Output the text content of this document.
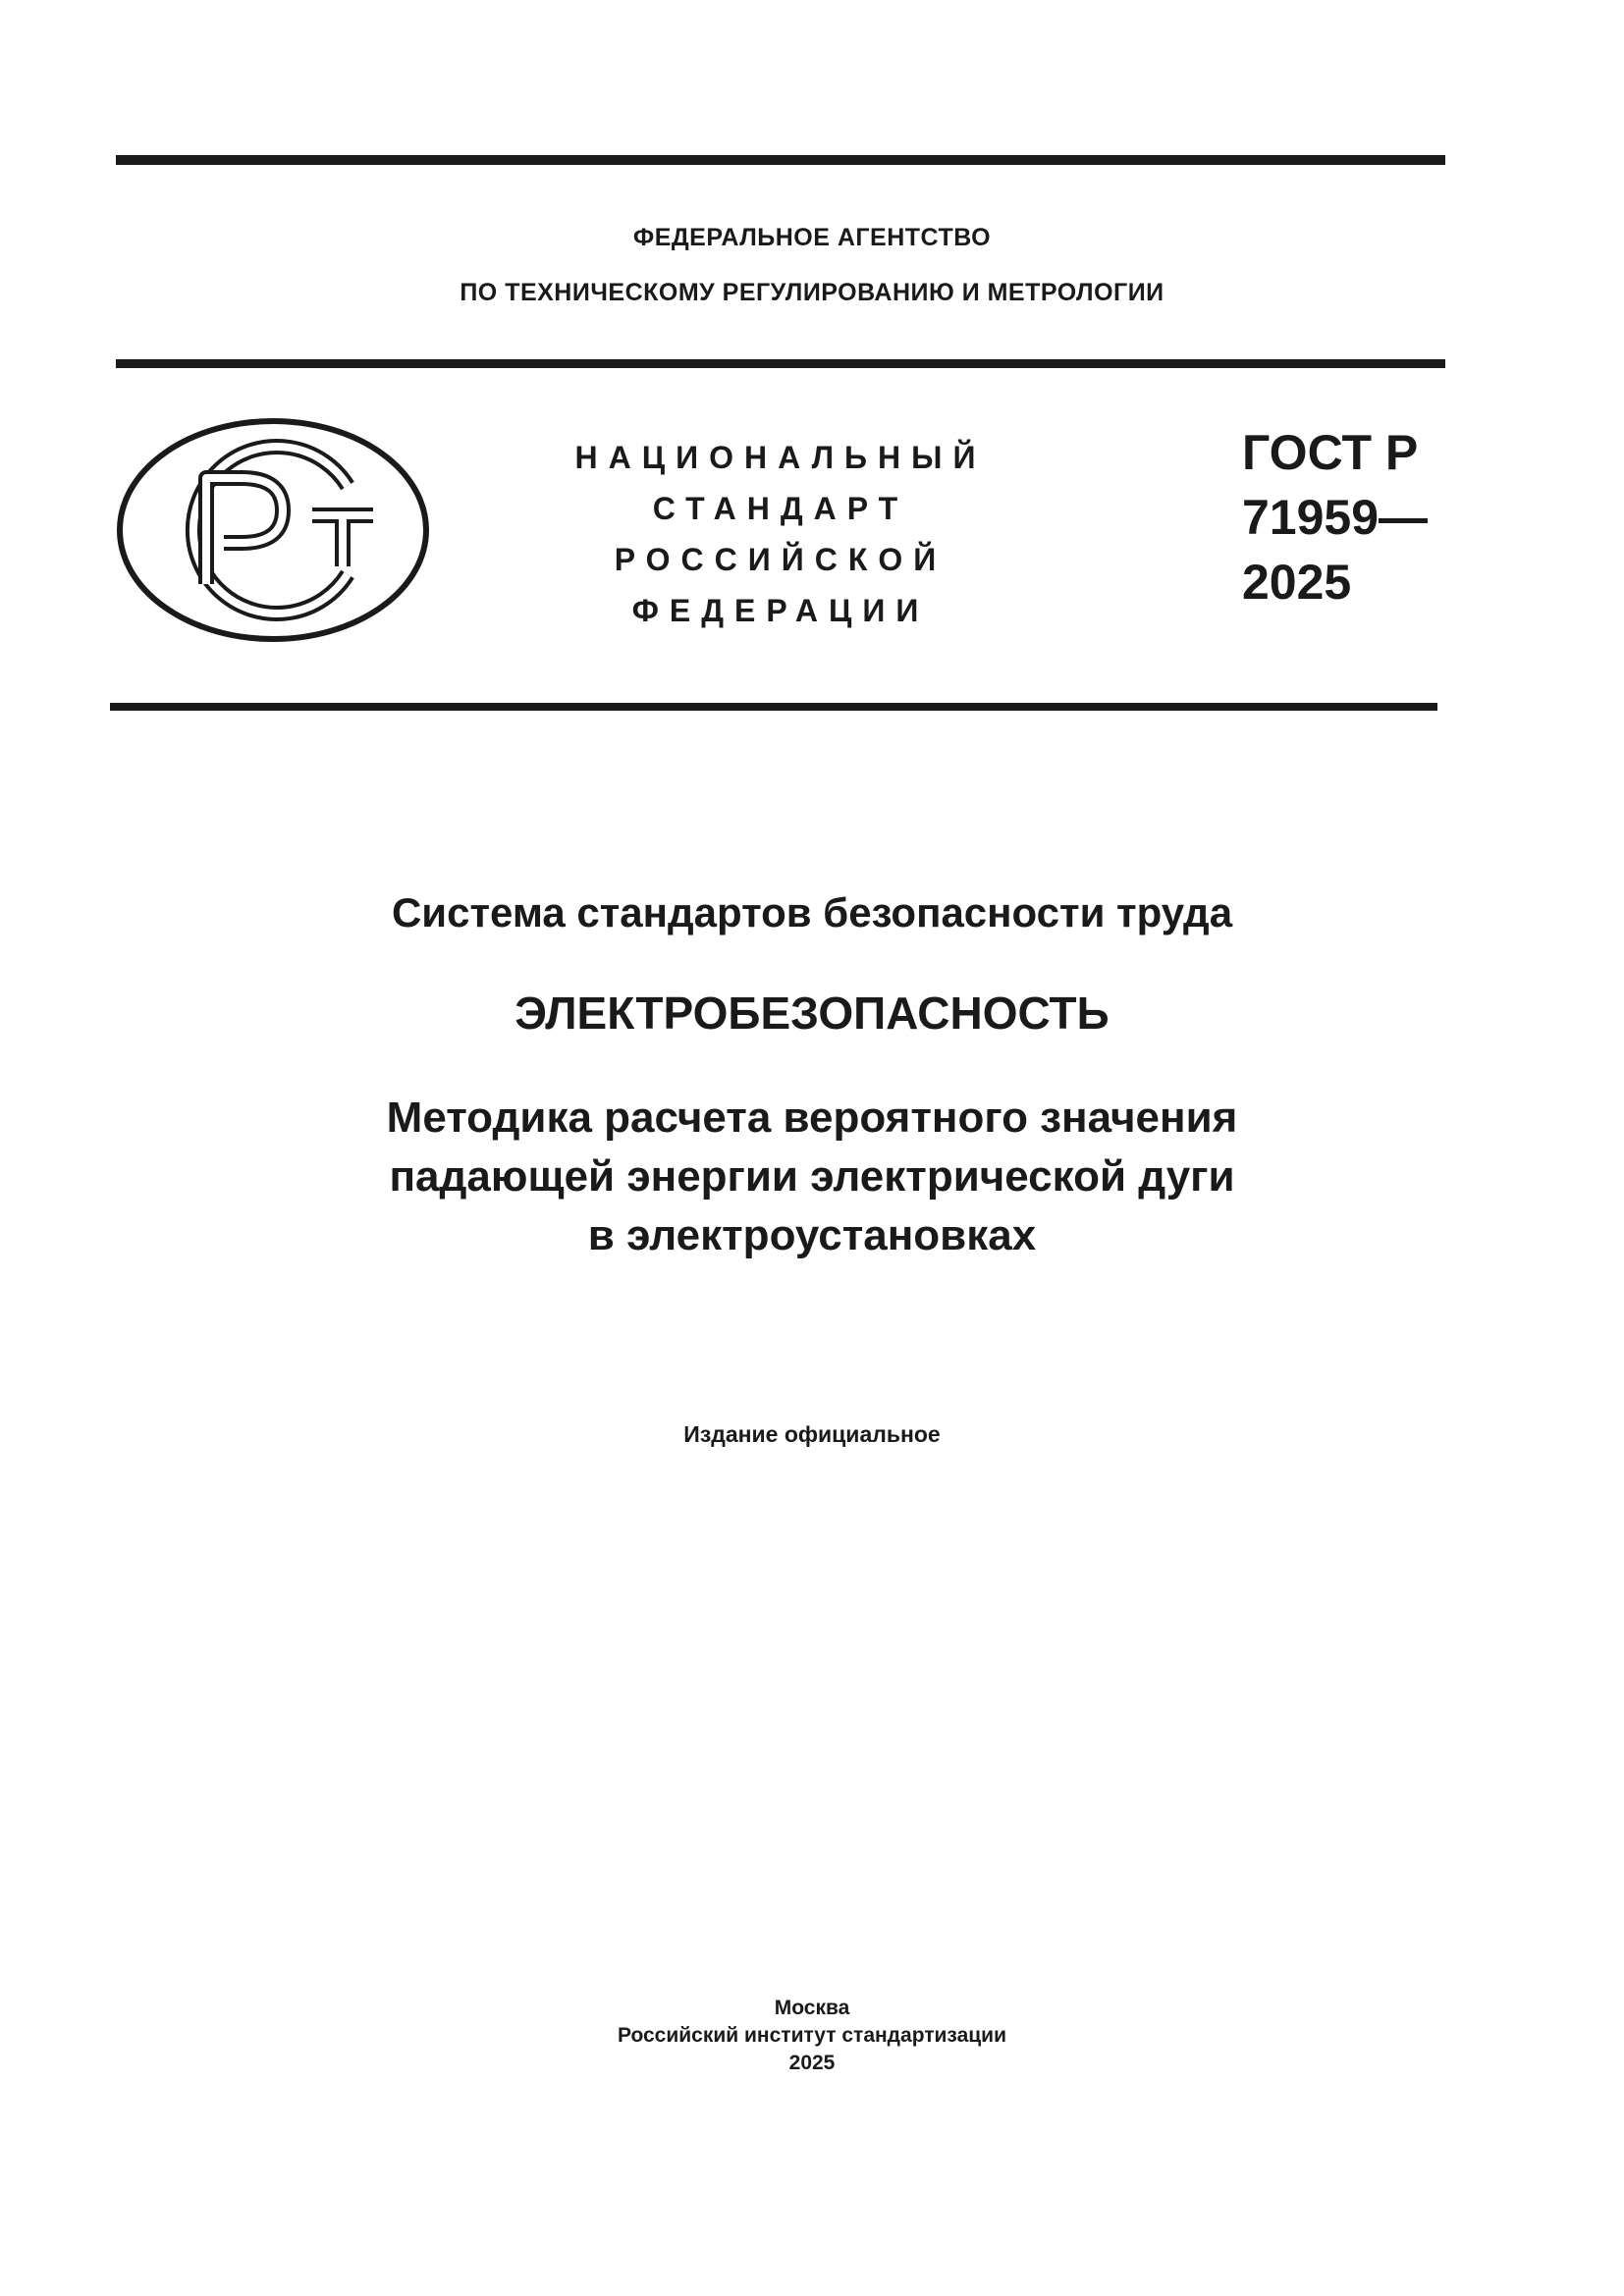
ФЕДЕРАЛЬНОЕ АГЕНТСТВО
ПО ТЕХНИЧЕСКОМУ РЕГУЛИРОВАНИЮ И МЕТРОЛОГИИ
НАЦИОНАЛЬНЫЙ
СТАНДАРТ
РОССИЙСКОЙ
ФЕДЕРАЦИИ
ГОСТ Р
71959—
2025
Система стандартов безопасности труда
ЭЛЕКТРОБЕЗОПАСНОСТЬ
Методика расчета вероятного значения
падающей энергии электрической дуги
в электроустановках
Издание официальное
Москва
Российский институт стандартизации
2025
